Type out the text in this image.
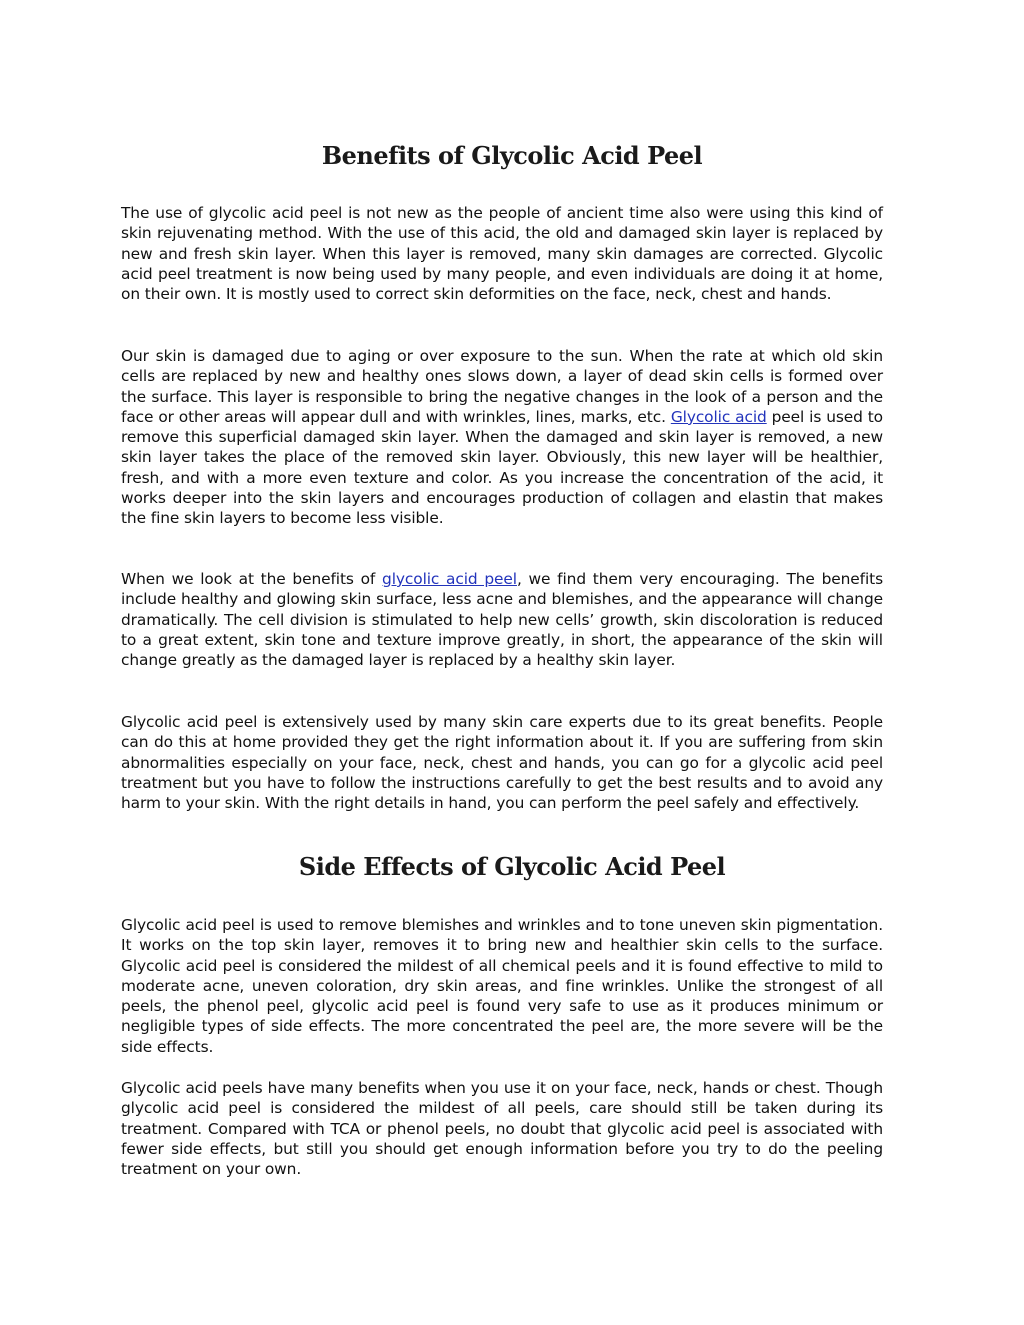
Benefits of Glycolic Acid Peel

The use of glycolic acid peel is not new as the people of ancient time also were using this kind of skin rejuvenating method. With the use of this acid, the old and damaged skin layer is replaced by new and fresh skin layer. When this layer is removed, many skin damages are corrected. Glycolic acid peel treatment is now being used by many people, and even individuals are doing it at home, on their own. It is mostly used to correct skin deformities on the face, neck, chest and hands.

Our skin is damaged due to aging or over exposure to the sun. When the rate at which old skin cells are replaced by new and healthy ones slows down, a layer of dead skin cells is formed over the surface. This layer is responsible to bring the negative changes in the look of a person and the face or other areas will appear dull and with wrinkles, lines, marks, etc. Glycolic acid peel is used to remove this superficial damaged skin layer. When the damaged and skin layer is removed, a new skin layer takes the place of the removed skin layer. Obviously, this new layer will be healthier, fresh, and with a more even texture and color. As you increase the concentration of the acid, it works deeper into the skin layers and encourages production of collagen and elastin that makes the fine skin layers to become less visible.

When we look at the benefits of glycolic acid peel, we find them very encouraging. The benefits include healthy and glowing skin surface, less acne and blemishes, and the appearance will change dramatically. The cell division is stimulated to help new cells’ growth, skin discoloration is reduced to a great extent, skin tone and texture improve greatly, in short, the appearance of the skin will change greatly as the damaged layer is replaced by a healthy skin layer.

Glycolic acid peel is extensively used by many skin care experts due to its great benefits. People can do this at home provided they get the right information about it. If you are suffering from skin abnormalities especially on your face, neck, chest and hands, you can go for a glycolic acid peel treatment but you have to follow the instructions carefully to get the best results and to avoid any harm to your skin. With the right details in hand, you can perform the peel safely and effectively.

Side Effects of Glycolic Acid Peel

Glycolic acid peel is used to remove blemishes and wrinkles and to tone uneven skin pigmentation. It works on the top skin layer, removes it to bring new and healthier skin cells to the surface. Glycolic acid peel is considered the mildest of all chemical peels and it is found effective to mild to moderate acne, uneven coloration, dry skin areas, and fine wrinkles. Unlike the strongest of all peels, the phenol peel, glycolic acid peel is found very safe to use as it produces minimum or negligible types of side effects. The more concentrated the peel are, the more severe will be the side effects.

Glycolic acid peels have many benefits when you use it on your face, neck, hands or chest. Though glycolic acid peel is considered the mildest of all peels, care should still be taken during its treatment. Compared with TCA or phenol peels, no doubt that glycolic acid peel is associated with fewer side effects, but still you should get enough information before you try to do the peeling treatment on your own.
